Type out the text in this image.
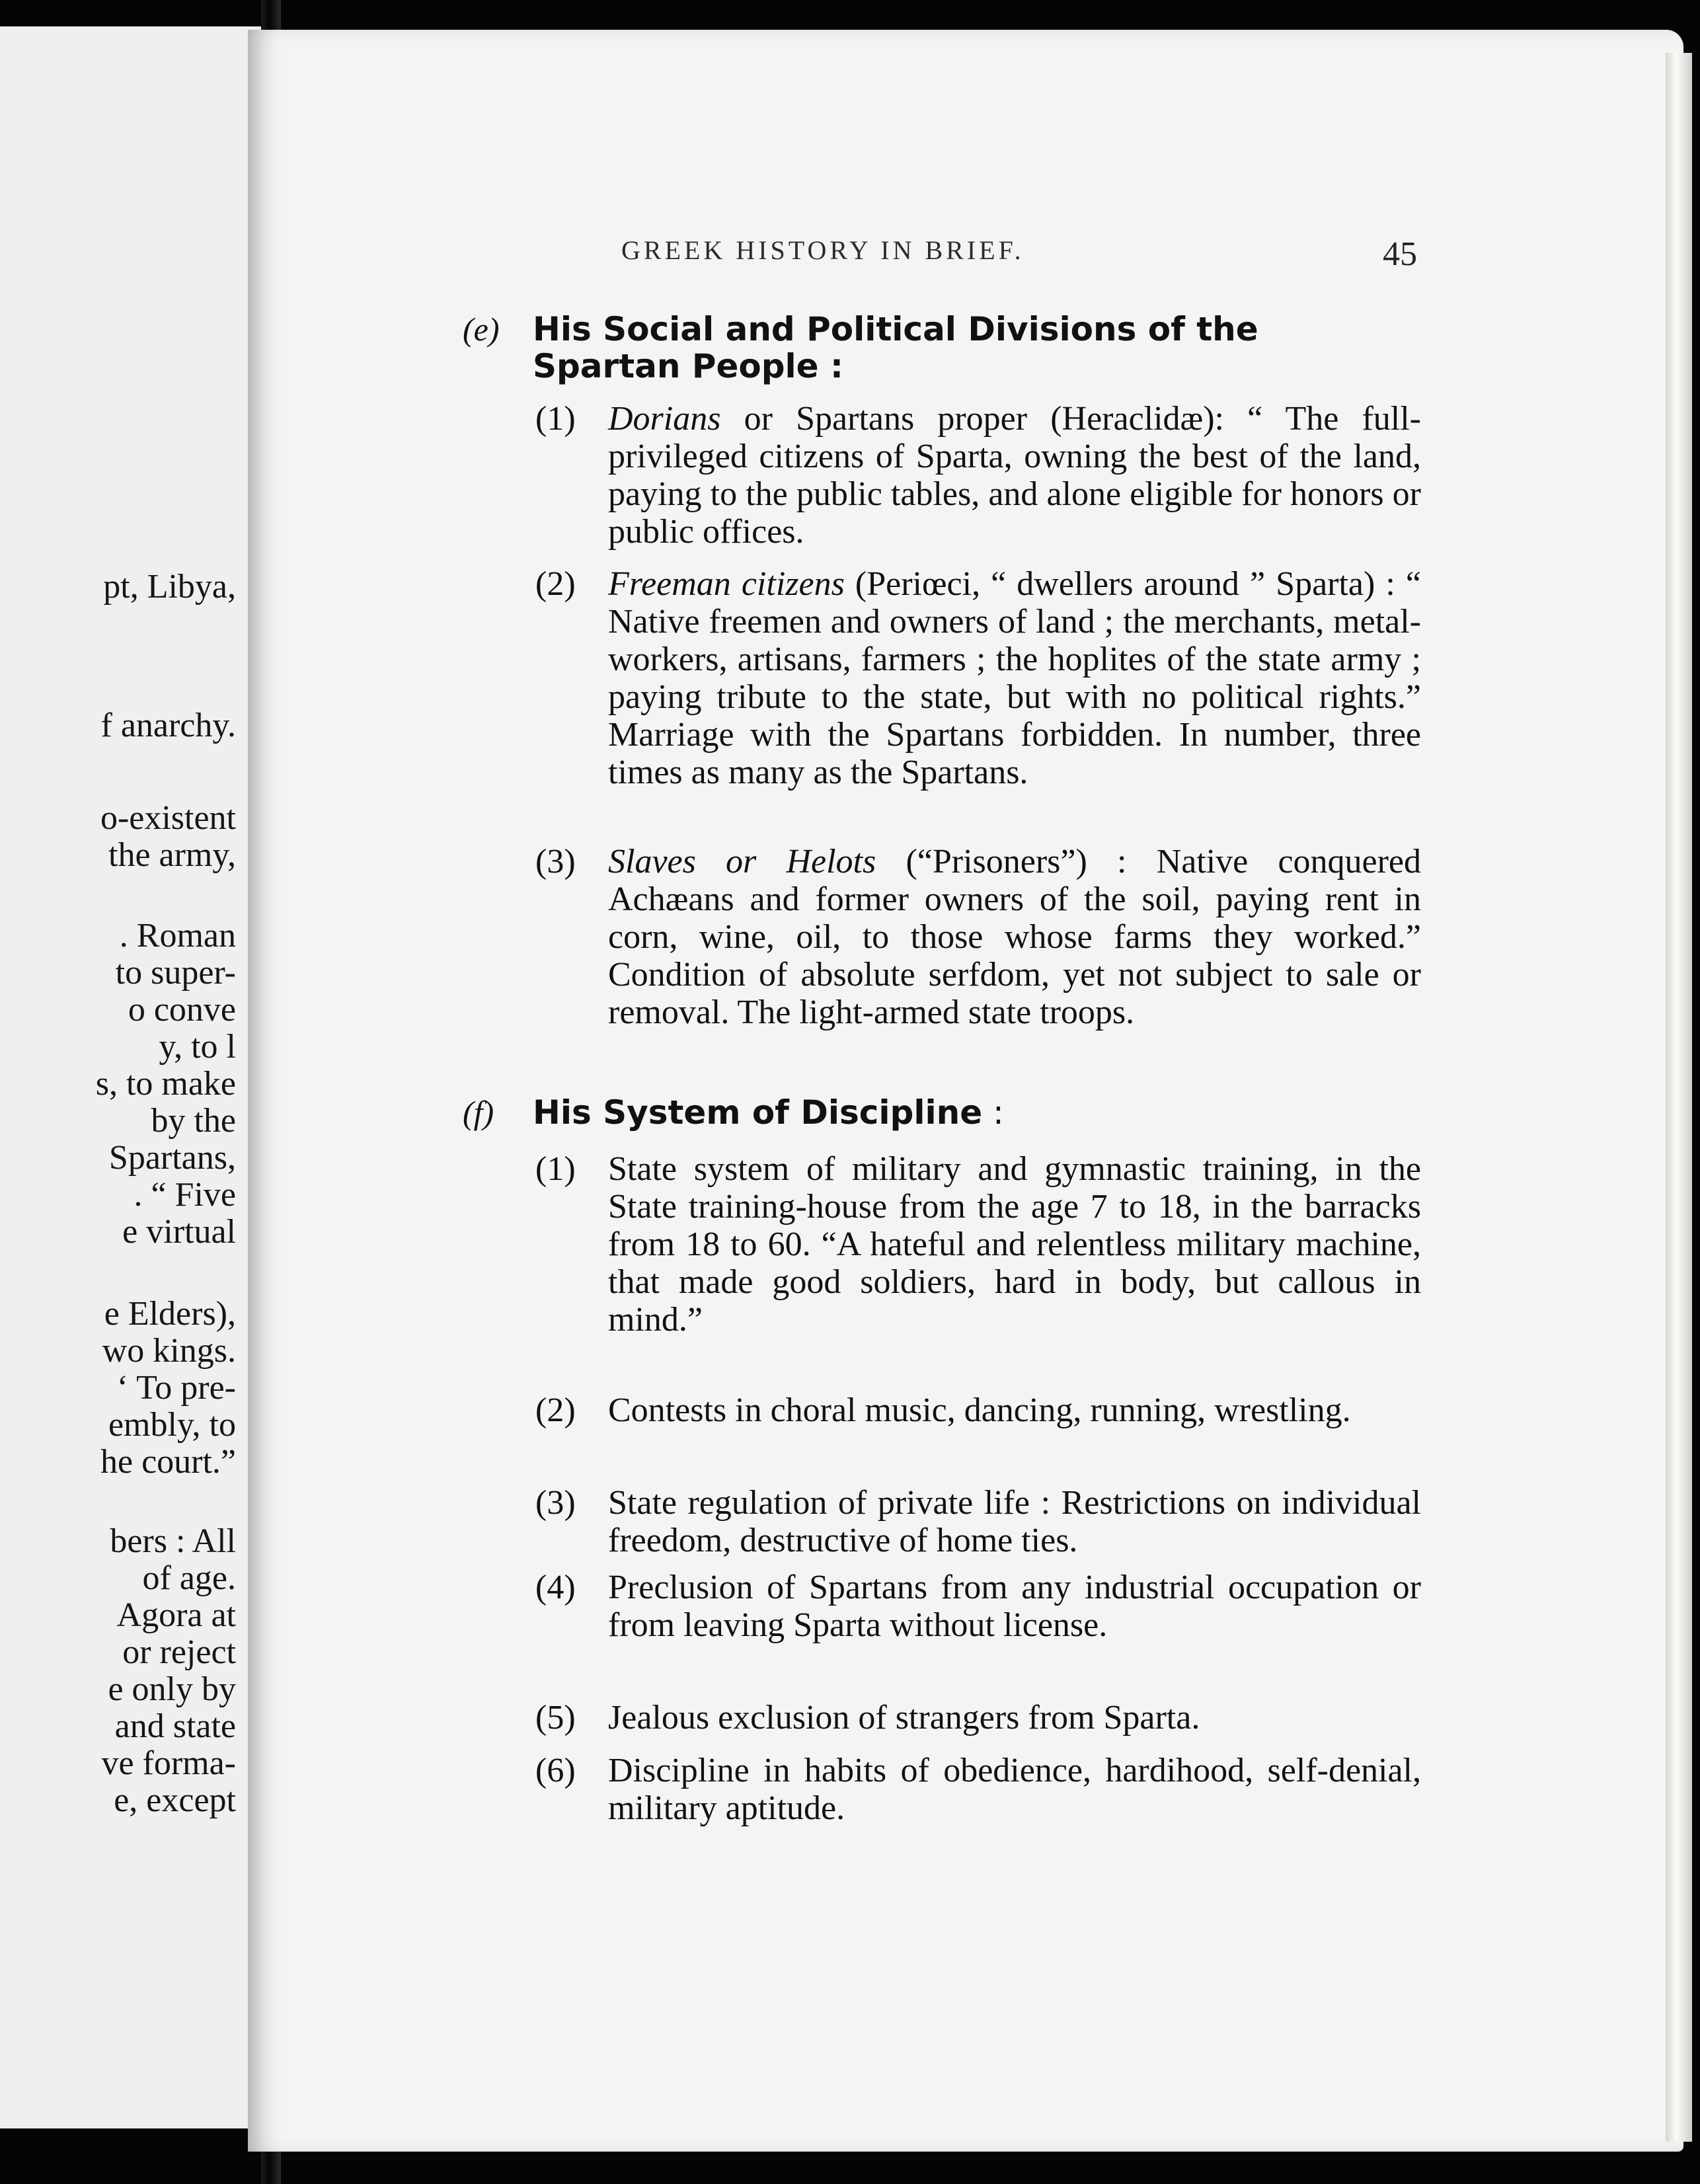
pt, Libya,
f anarchy.
o-existent
the army,
. Roman
to super-
o conve
y, to l
s, to make
by the
Spartans,
. “ Five
e virtual
e Elders),
wo kings.
‘ To pre-
embly, to
he court.”
bers : All
of age.
Agora at
or reject
e only by
and state
ve forma-
e, except
GREEK HISTORY IN BRIEF.	45
(e) His Social and Political Divisions of the
Spartan People :
(1) Dorians or Spartans proper (Heraclidæ): “ The full-privileged citizens of Sparta, owning the best of the land, paying to the public tables, and alone eligible for honors or public offices.
(2) Freeman citizens (Periœci, “ dwellers around ” Sparta) : “ Native freemen and owners of land ; the merchants, metal-workers, artisans, farmers ; the hoplites of the state army ; paying tribute to the state, but with no political rights.” Marriage with the Spartans forbidden. In number, three times as many as the Spartans.
(3) Slaves or Helots (“Prisoners”) : Native conquered Achæans and former owners of the soil, paying rent in corn, wine, oil, to those whose farms they worked.” Condition of absolute serfdom, yet not subject to sale or removal. The light-armed state troops.
(f) His System of Discipline :
(1) State system of military and gymnastic training, in the State training-house from the age 7 to 18, in the barracks from 18 to 60. “A hateful and relentless military machine, that made good soldiers, hard in body, but callous in mind.”
(2) Contests in choral music, dancing, running, wrestling.
(3) State regulation of private life : Restrictions on individual freedom, destructive of home ties.
(4) Preclusion of Spartans from any industrial occupation or from leaving Sparta without license.
(5) Jealous exclusion of strangers from Sparta.
(6) Discipline in habits of obedience, hardihood, self-denial, military aptitude.
